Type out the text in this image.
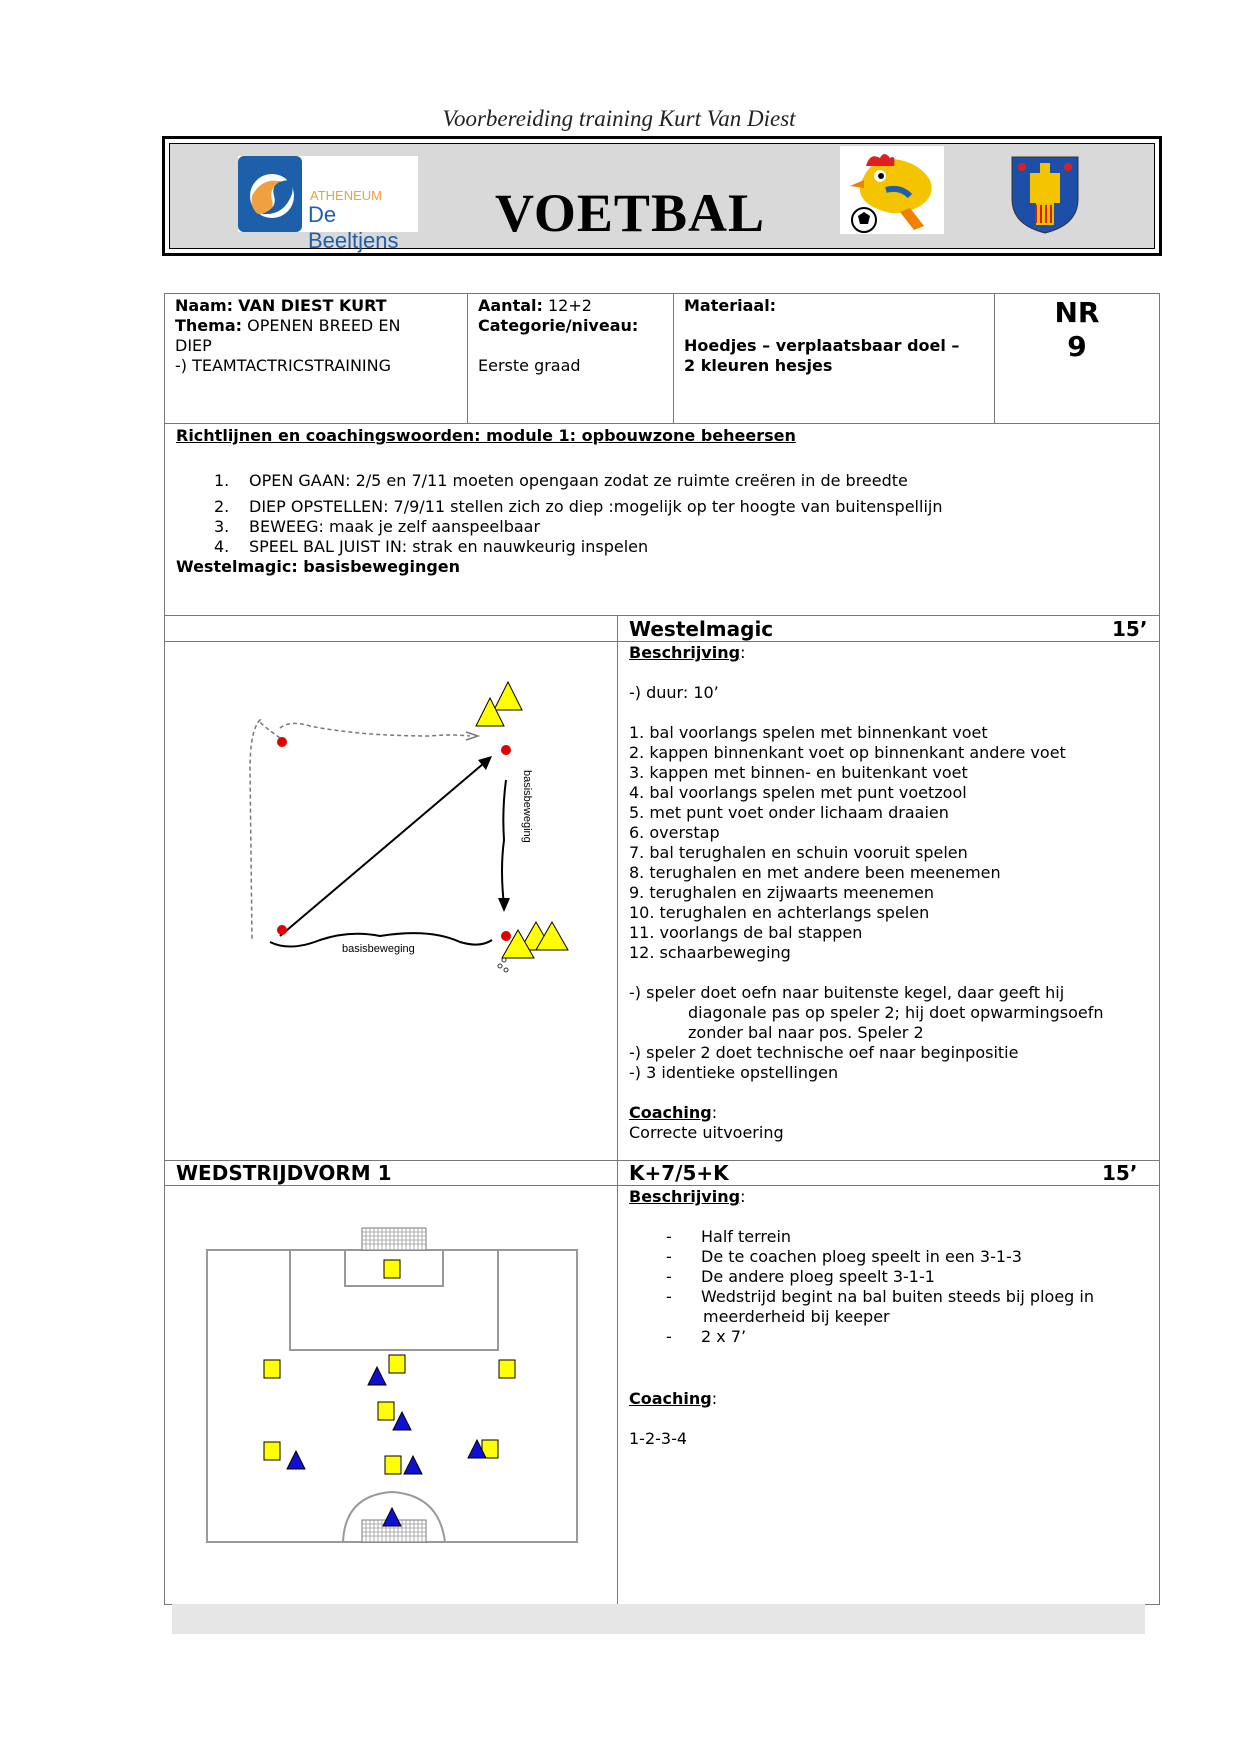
Voorbereiding training Kurt Van Diest
ATHENEUM
De Beeltjens	VOETBAL
Naam: VAN DIEST KURT
Thema: OPENEN BREED EN
DIEP
-) TEAMTACTRICSTRAINING

Aantal: 12+2
Categorie/niveau:
Eerste graad

Materiaal:
Hoedjes – verplaatsbaar doel –
2 kleuren hesjes

NR
9
Richtlijnen en coachingswoorden: module 1: opbouwzone beheersen
1. OPEN GAAN: 2/5 en 7/11 moeten opengaan zodat ze ruimte creëren in de breedte
2. DIEP OPSTELLEN: 7/9/11 stellen zich zo diep :mogelijk op ter hoogte van buitenspellijn
3. BEWEEG: maak je zelf aanspeelbaar
4. SPEEL BAL JUIST IN: strak en nauwkeurig inspelen
Westelmagic: basisbewegingen
Westelmagic	15’
Beschrijving:
-) duur: 10’
1. bal voorlangs spelen met binnenkant voet
2. kappen binnenkant voet op binnenkant andere voet
3. kappen met binnen- en buitenkant voet
4. bal voorlangs spelen met punt voetzool
5. met punt voet onder lichaam draaien
6. overstap
7. bal terughalen en schuin vooruit spelen
8. terughalen en met andere been meenemen
9. terughalen en zijwaarts meenemen
10. terughalen en achterlangs spelen
11. voorlangs de bal stappen
12. schaarbeweging
-) speler doet oefn naar buitenste kegel, daar geeft hij
diagonale pas op speler 2; hij doet opwarmingsoefn
zonder bal naar pos. Speler 2
-) speler 2 doet technische oef naar beginpositie
-) 3 identieke opstellingen
Coaching:
Correcte uitvoering
basisbeweging
basisbeweging
WEDSTRIJDVORM 1	K+7/5+K	15’
Beschrijving:
- Half terrein
- De te coachen ploeg speelt in een 3-1-3
- De andere ploeg speelt 3-1-1
- Wedstrijd begint na bal buiten steeds bij ploeg in
meerderheid bij keeper
- 2 x 7’
Coaching:
1-2-3-4
